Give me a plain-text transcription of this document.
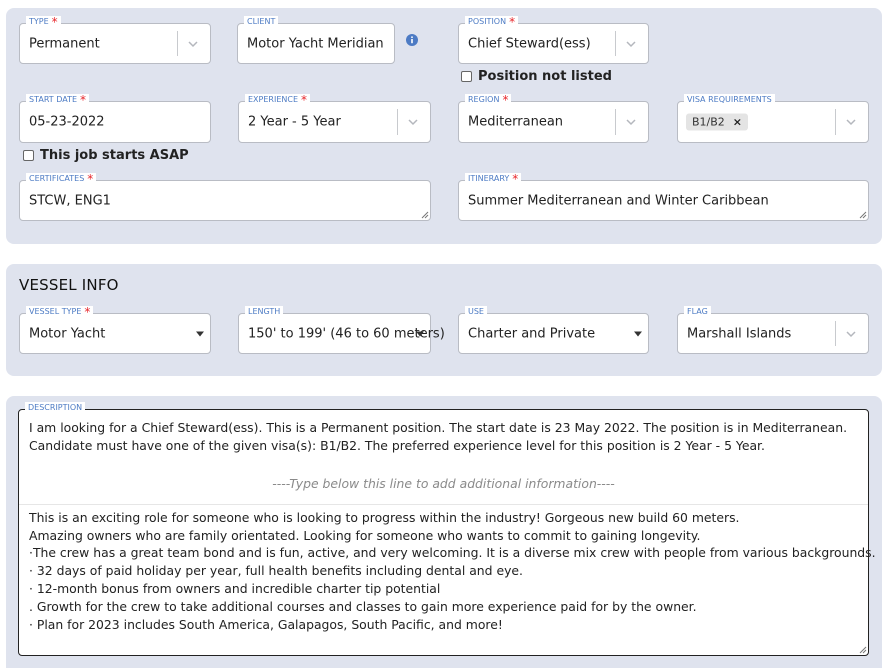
TYPE *
Permanent
CLIENT
Motor Yacht Meridian
POSITION *
Chief Steward(ess)
Position not listed
START DATE *
05-23-2022
EXPERIENCE *
2 Year - 5 Year
REGION *
Mediterranean
VISA REQUIREMENTS
B1/B2 ×
This job starts ASAP
CERTIFICATES *
STCW, ENG1
ITINERARY *
Summer Mediterranean and Winter Caribbean
VESSEL INFO
VESSEL TYPE *
Motor Yacht
LENGTH
150' to 199' (46 to 60 meters)
USE
Charter and Private
FLAG
Marshall Islands
DESCRIPTION
I am looking for a Chief Steward(ess). This is a Permanent position. The start date is 23 May 2022. The position is in Mediterranean.
Candidate must have one of the given visa(s): B1/B2. The preferred experience level for this position is 2 Year - 5 Year.
----Type below this line to add additional information----
This is an exciting role for someone who is looking to progress within the industry! Gorgeous new build 60 meters.
Amazing owners who are family orientated. Looking for someone who wants to commit to gaining longevity.
·The crew has a great team bond and is fun, active, and very welcoming. It is a diverse mix crew with people from various backgrounds.
· 32 days of paid holiday per year, full health benefits including dental and eye.
· 12-month bonus from owners and incredible charter tip potential
. Growth for the crew to take additional courses and classes to gain more experience paid for by the owner.
· Plan for 2023 includes South America, Galapagos, South Pacific, and more!
